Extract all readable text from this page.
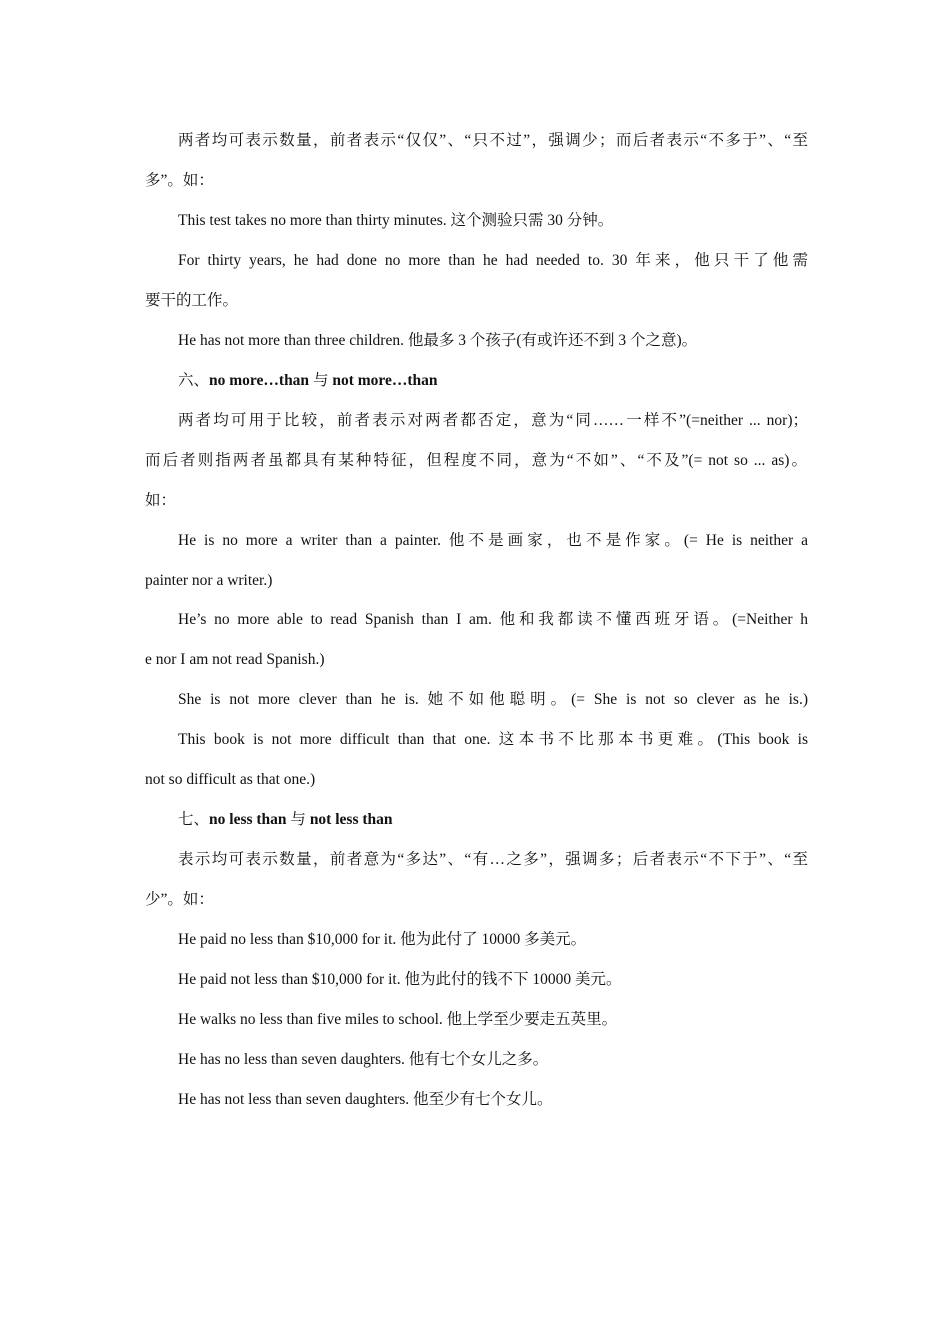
两者均可表示数量，前者表示“仅仅”、“只不过”，强调少；而后者表示“不多于”、“至
多”。如：
This test takes no more than thirty minutes. 这个测验只需 30 分钟。
For thirty years, he had done no more than he had needed to. 30 年来，他只干了他需
要干的工作。
He has not more than three children. 他最多 3 个孩子(有或许还不到 3 个之意)。
六、no more…than 与 not more…than
两者均可用于比较，前者表示对两者都否定，意为“同……一样不”(=neither ... nor)；
而后者则指两者虽都具有某种特征，但程度不同，意为“不如”、“不及”(= not so ... as)。
如：
He is no more a writer than a painter. 他不是画家，也不是作家。(= He is neither a
painter nor a writer.)
He’s no more able to read Spanish than I am. 他和我都读不懂西班牙语。(=Neither h
e nor I am not read Spanish.)
She is not more clever than he is. 她不如他聪明。(= She is not so clever as he is.)
This book is not more difficult than that one. 这本书不比那本书更难。(This book is
not so difficult as that one.)
七、no less than 与 not less than
表示均可表示数量，前者意为“多达”、“有…之多”，强调多；后者表示“不下于”、“至
少”。如：
He paid no less than $10,000 for it. 他为此付了 10000 多美元。
He paid not less than $10,000 for it. 他为此付的钱不下 10000 美元。
He walks no less than five miles to school. 他上学至少要走五英里。
He has no less than seven daughters. 他有七个女儿之多。
He has not less than seven daughters. 他至少有七个女儿。
